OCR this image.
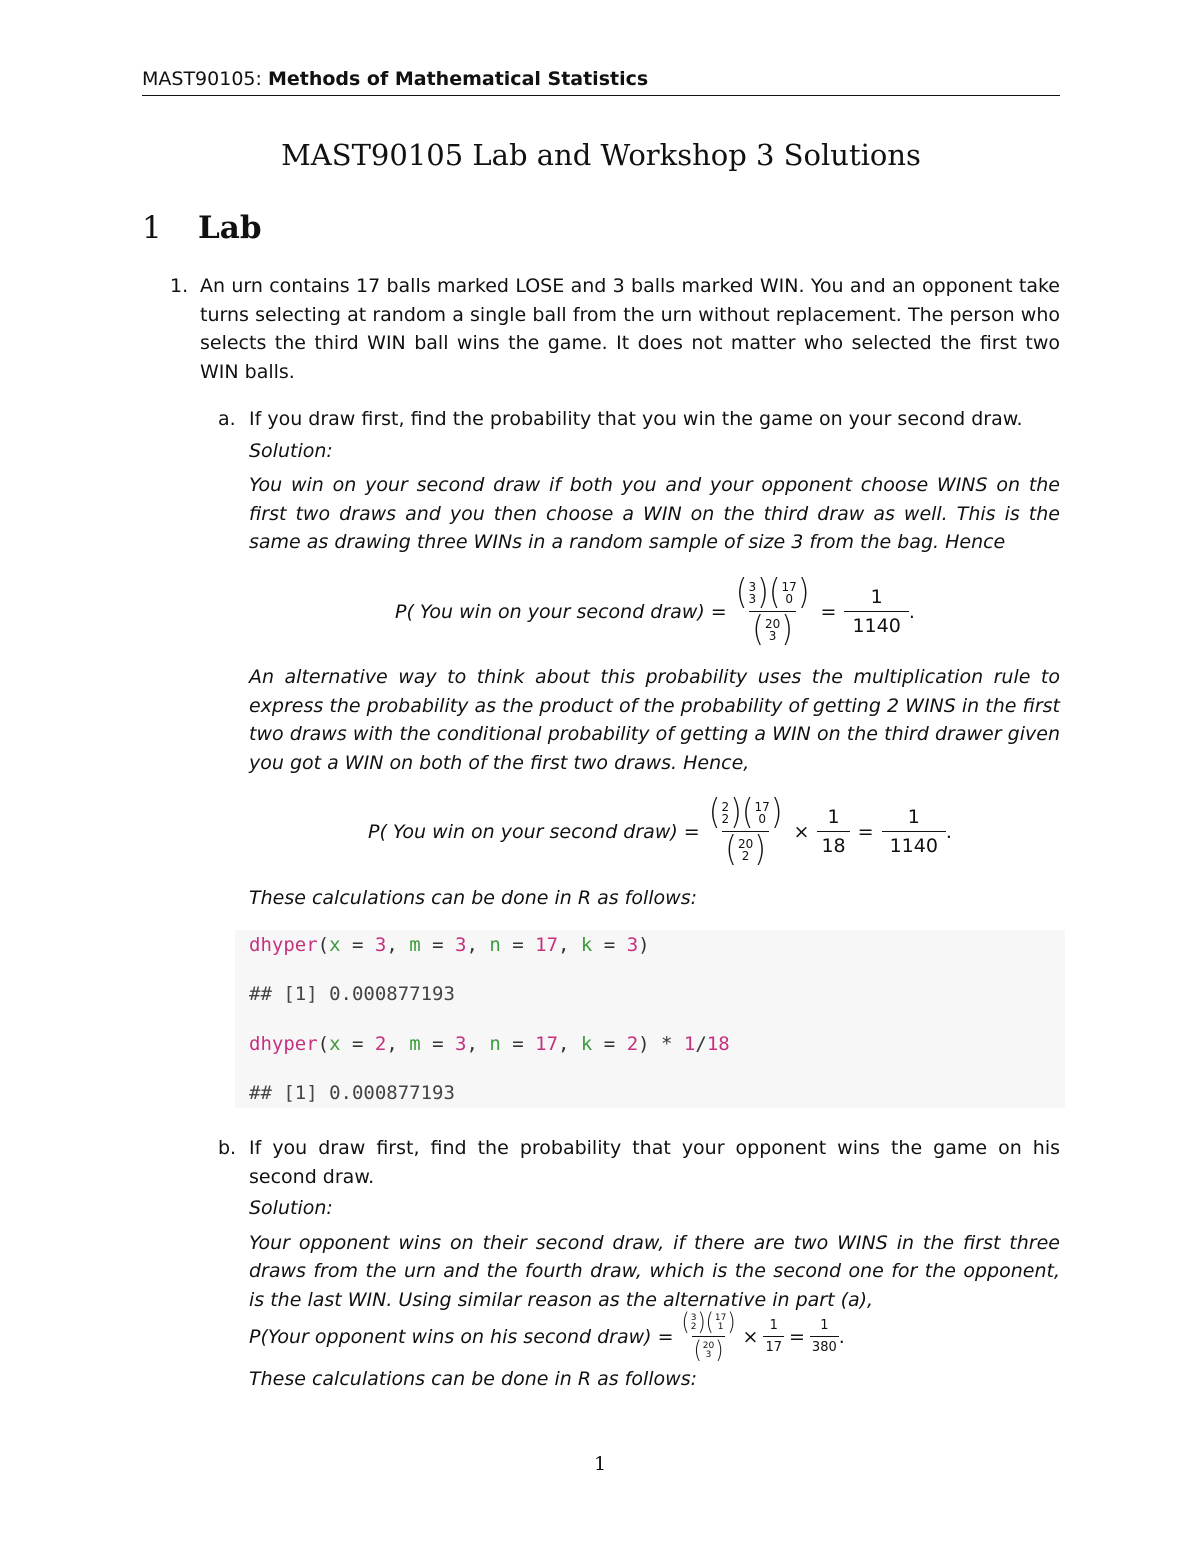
MAST90105: Methods of Mathematical Statistics
MAST90105 Lab and Workshop 3 Solutions
1 Lab
1. An urn contains 17 balls marked LOSE and 3 balls marked WIN. You and an opponent take turns selecting at random a single ball from the urn without replacement. The person who selects the third WIN ball wins the game. It does not matter who selected the first two WIN balls.
a. If you draw first, find the probability that you win the game on your second draw.
Solution:
You win on your second draw if both you and your opponent choose WINS on the first two draws and you then choose a WIN on the third draw as well. This is the same as drawing three WINs in a random sample of size 3 from the bag. Hence
P( You win on your second draw) = ( 3
3 ) ( 17
0 )
( 20
3 ) = $\frac{1}{1140}$ .
An alternative way to think about this probability uses the multiplication rule to express the probability as the product of the probability of getting 2 WINS in the first two draws with the conditional probability of getting a WIN on the third drawer given you got a WIN on both of the first two draws. Hence,
P( You win on your second draw) = ( 2
2 ) ( 17
0 )
( 20
2 ) × $\frac{1}{18} = \frac{1}{1140}$ .
These calculations can be done in R as follows:
dhyper(x = 3, m = 3, n = 17, k = 3)
## [1] 0.000877193
dhyper(x = 2, m = 3, n = 17, k = 2) * 1/18
## [1] 0.000877193
b. If you draw first, find the probability that your opponent wins the game on his second draw.
Solution:
Your opponent wins on their second draw, if there are two WINS in the first three draws from the urn and the fourth draw, which is the second one for the opponent, is the last WIN. Using similar reason as the alternative in part (a),
P(Your opponent wins on his second draw) = ( 3
2 ) ( 17
1 )
( 20
3 ) × $\frac{1}{17} = \frac{1}{380}$ .
These calculations can be done in R as follows:
1
